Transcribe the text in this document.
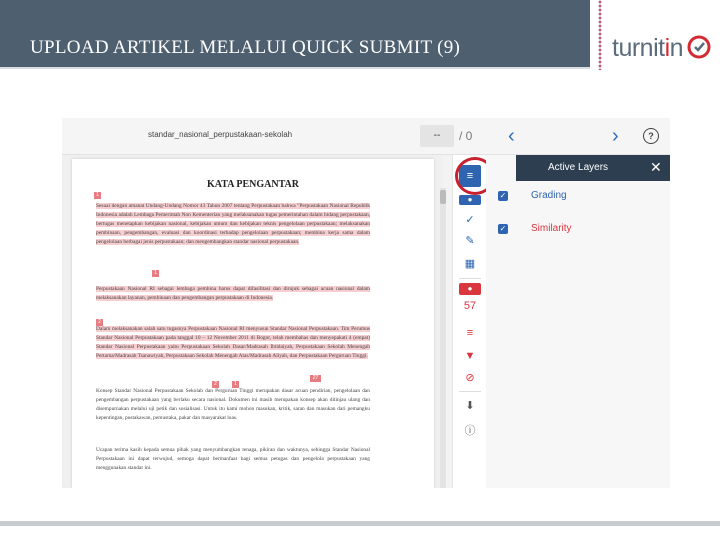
UPLOAD ARTIKEL MELALUI QUICK SUBMIT (9)	turnitin
standar_nasional_perpustakaan-sekolah	--	/ 0 ‹	›	?
KATA PENGANTAR
1

Sesuai dengan amanat Undang-Undang Nomor 43 Tahun 2007 tentang Perpustakaan bahwa "Perpustakaan Nasional Republik Indonesia adalah Lembaga Pemerintah Non Kementerian yang melaksanakan tugas pemerintahan dalam bidang perpustakaan, bertugas menetapkan kebijakan nasional, kebijakan umum dan kebijakan teknis pengelolaan perpustakaan; melaksanakan pembinaan, pengembangan, evaluasi dan koordinasi terhadap pengelolaan perpustakaan; membina kerja sama dalam pengelolaan berbagai jenis perpustakaan; dan mengembangkan standar nasional perpustakaan.

1

Perpustakaan Nasional RI sebagai lembaga pembina harus dapat difasilitasi dan dirujuk sebagai acuan nasional dalam melaksanakan layanan, pembinaan dan pengembangan perpustakaan di Indonesia.

2

Dalam melaksanakan salah satu tugasnya Perpustakaan Nasional RI menyusun Standar Nasional Perpustakaan. Tim Perumus Standar Nasional Perpustakaan pada tanggal 10 – 12 November 2011 di Bogor, telah membahas dan menyepakati 4 (empat) Standar Nasional Perpustakaan yaitu Perpustakaan Sekolah Dasar/Madrasah Ibtidaiyah, Perpustakaan Sekolah Menengah Pertama/Madrasah Tsanawiyah, Perpustakaan Sekolah Menengah Atas/Madrasah Aliyah, dan Perpustakaan Perguruan Tinggi.

2	1
27

Konsep Standar Nasional Perpustakaan Sekolah dan Perguruan Tinggi merupakan dasar acuan pendirian, pengelolaan dan pengembangan perpustakaan yang berlaku secara nasional. Dokumen ini masih merupakan konsep akan ditinjau ulang dan disempurnakan melalui uji petik dan sosialisasi. Untuk itu kami mohon masukan, kritik, saran dan masukan dari pemangku kepentingan, pustakawan, pemustaka, pakar dan masyarakat luas.

Ucapan terima kasih kepada semua pihak yang menyumbangkan tenaga, pikiran dan waktunya, sehingga Standar Nasional Perpustakaan ini dapat terwujud, semoga dapat bermanfaat bagi semua petugas dan pengelola perpustakaan yang menggunakan standar ini.

≡
●
✓
✎
▦
●
57
≡
▼
⊘
⬇
ⓘ
Active Layers	✕
✓ Grading
✓ Similarity
